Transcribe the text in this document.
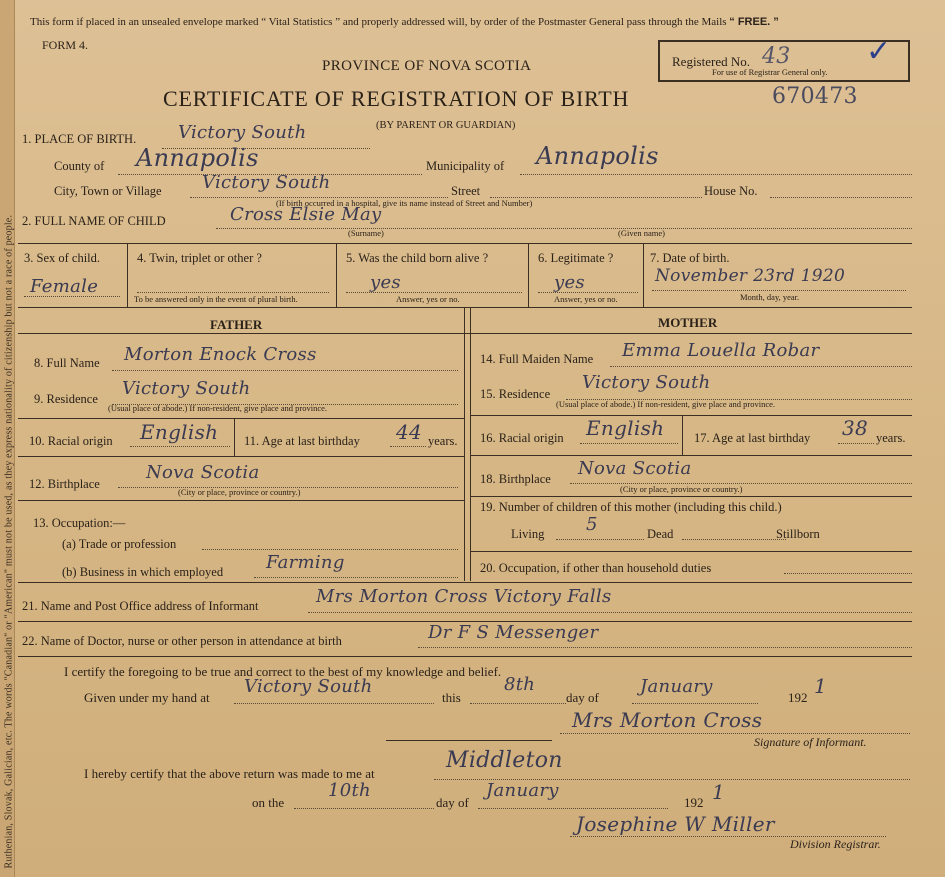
Ruthenian, Slovak, Galician, etc. The words "Canadian" or "American" must not be used, as they express nationality of citizenship but not a race of people.
This form if placed in an unsealed envelope marked “ Vital Statistics ” and properly addressed will, by order of the Postmaster General pass through the Mails “ FREE. ”
FORM 4.
PROVINCE OF NOVA SCOTIA	Registered No. 43
For use of Registrar General only.
✓
CERTIFICATE OF REGISTRATION OF BIRTH	670473
(BY PARENT OR GUARDIAN)
1. PLACE OF BIRTH. Victory South
County of Annapolis	Municipality of Annapolis
City, Town or Village Victory South	Street	House No.
(If birth occurred in a hospital, give its name instead of Street and Number)
2. FULL NAME OF CHILD	Cross Elsie May
(Surname)	(Given name)
3. Sex of child.
Female
4. Twin, triplet or other ?
To be answered only in the event of plural birth.
5. Was the child born alive ?
yes
Answer, yes or no.
6. Legitimate ?
yes
Answer, yes or no.
7. Date of birth.
November 23rd 1920
Month, day, year.
FATHER	MOTHER
8. Full Name Morton Enock Cross
9. Residence Victory South
(Usual place of abode.) If non-resident, give place and province.
10. Racial origin English 11. Age at last birthday 44 years.
12. Birthplace
Nova Scotia
(City or place, province or country.)
13. Occupation:—
(a) Trade or profession
(b) Business in which employed Farming
14. Full Maiden Name Emma Louella Robar
15. Residence
Victory South
(Usual place of abode.) If non-resident, give place and province.
16. Racial origin English 17. Age at last birthday 38 years.
18. Birthplace Nova Scotia
(City or place, province or country.)
19. Number of children of this mother (including this child.)
Living 5	Dead	Stillborn
20. Occupation, if other than household duties
21. Name and Post Office address of Informant	Mrs Morton Cross Victory Falls
22. Name of Doctor, nurse or other person in attendance at birth	Dr F S Messenger
I certify the foregoing to be true and correct to the best of my knowledge and belief.
Given under my hand at
Victory South
this
8th
day of
January
192 1
Mrs Morton Cross
Signature of Informant.
I hereby certify that the above return was made to me at
Middleton
on the
10th
day of
January
192 1
Josephine W Miller
Division Registrar.
